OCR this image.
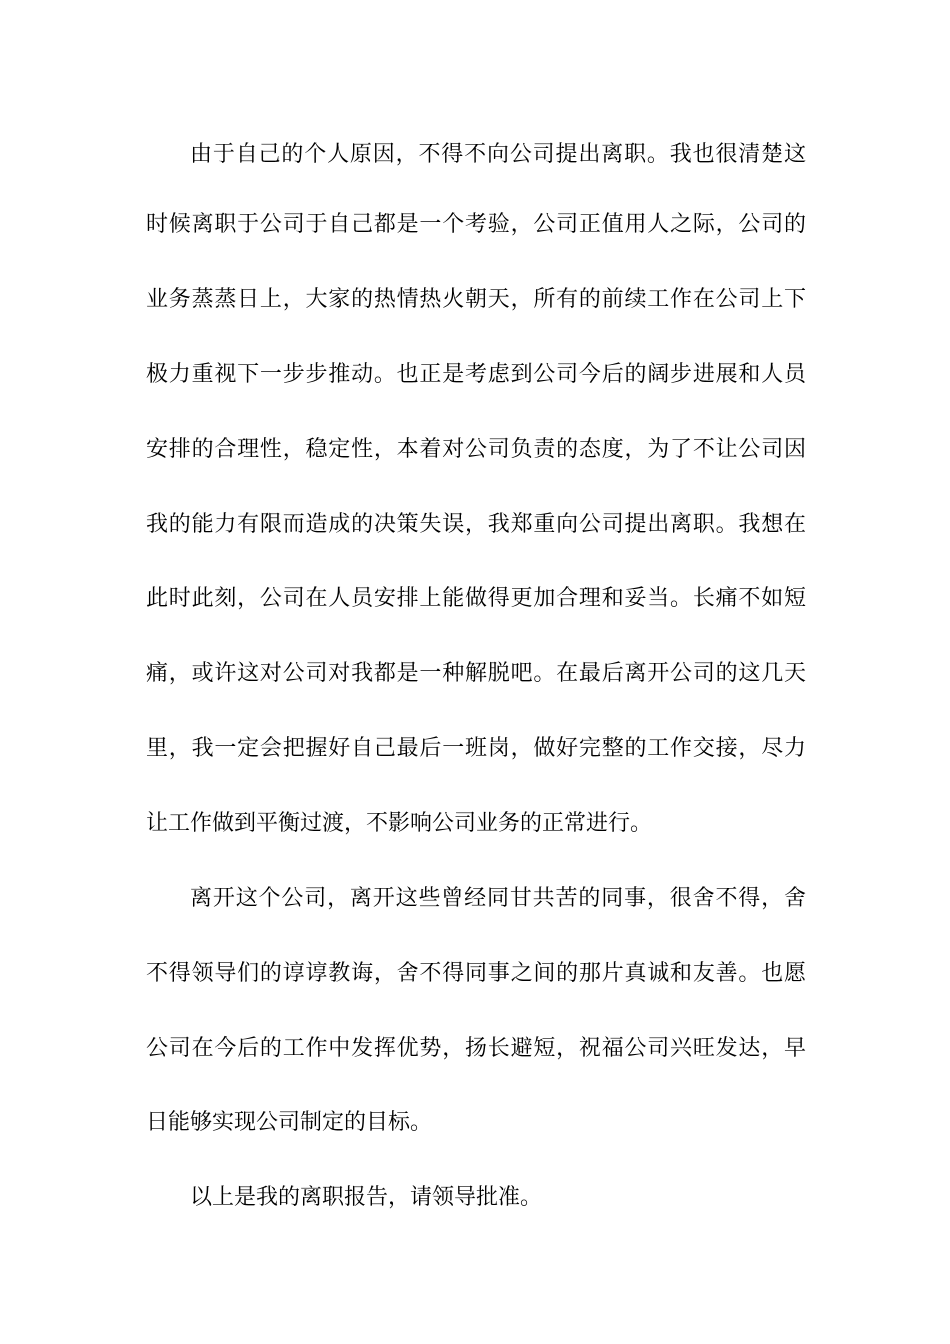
由于自己的个人原因，不得不向公司提出离职。我也很清楚这
时候离职于公司于自己都是一个考验，公司正值用人之际，公司的
业务蒸蒸日上，大家的热情热火朝天，所有的前续工作在公司上下
极力重视下一步步推动。也正是考虑到公司今后的阔步进展和人员
安排的合理性，稳定性，本着对公司负责的态度，为了不让公司因
我的能力有限而造成的决策失误，我郑重向公司提出离职。我想在
此时此刻，公司在人员安排上能做得更加合理和妥当。长痛不如短
痛，或许这对公司对我都是一种解脱吧。在最后离开公司的这几天
里，我一定会把握好自己最后一班岗，做好完整的工作交接，尽力
让工作做到平衡过渡，不影响公司业务的正常进行。
离开这个公司，离开这些曾经同甘共苦的同事，很舍不得，舍
不得领导们的谆谆教诲，舍不得同事之间的那片真诚和友善。也愿
公司在今后的工作中发挥优势，扬长避短，祝福公司兴旺发达，早
日能够实现公司制定的目标。
以上是我的离职报告，请领导批准。
